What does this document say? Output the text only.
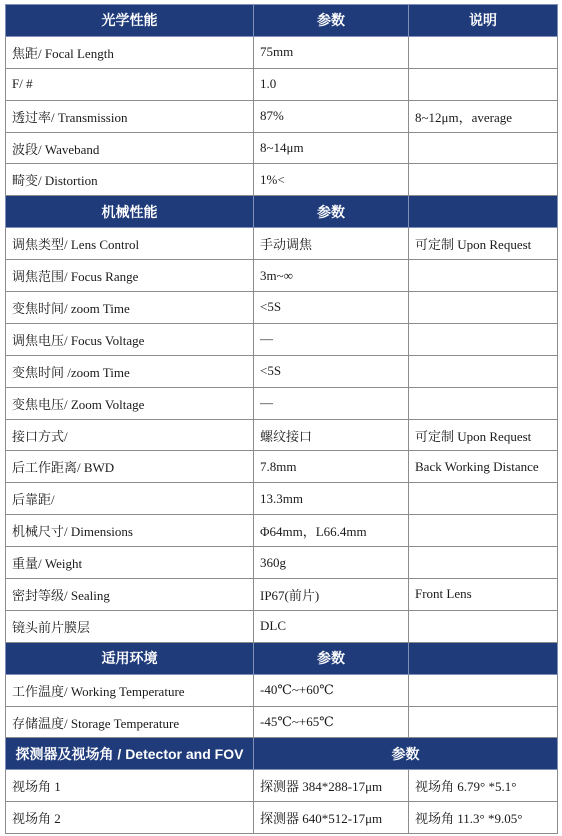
光学性能	参数	说明
焦距/ Focal Length	75mm	
F/ #	1.0	
透过率/ Transmission	87%	8~12μm，average
波段/ Waveband	8~14μm	
畸变/ Distortion	1%<	
机械性能	参数	
调焦类型/ Lens Control	手动调焦	可定制 Upon Request
调焦范围/ Focus Range	3m~∞	
变焦时间/ zoom Time	<5S	
调焦电压/ Focus Voltage	—	
变焦时间 /zoom Time	<5S	
变焦电压/ Zoom Voltage	—	
接口方式/	螺纹接口	可定制 Upon Request
后工作距离/ BWD	7.8mm	Back Working Distance
后靠距/	13.3mm	
机械尺寸/ Dimensions	Φ64mm，L66.4mm	
重量/ Weight	360g	
密封等级/ Sealing	IP67(前片)	Front Lens
镜头前片膜层	DLC	
适用环境	参数	
工作温度/ Working Temperature	-40℃~+60℃	
存储温度/ Storage Temperature	-45℃~+65℃	
探测器及视场角 / Detector and FOV	参数	
视场角 1	探测器 384*288-17μm	视场角 6.79° *5.1°
视场角 2	探测器 640*512-17μm	视场角 11.3° *9.05°
